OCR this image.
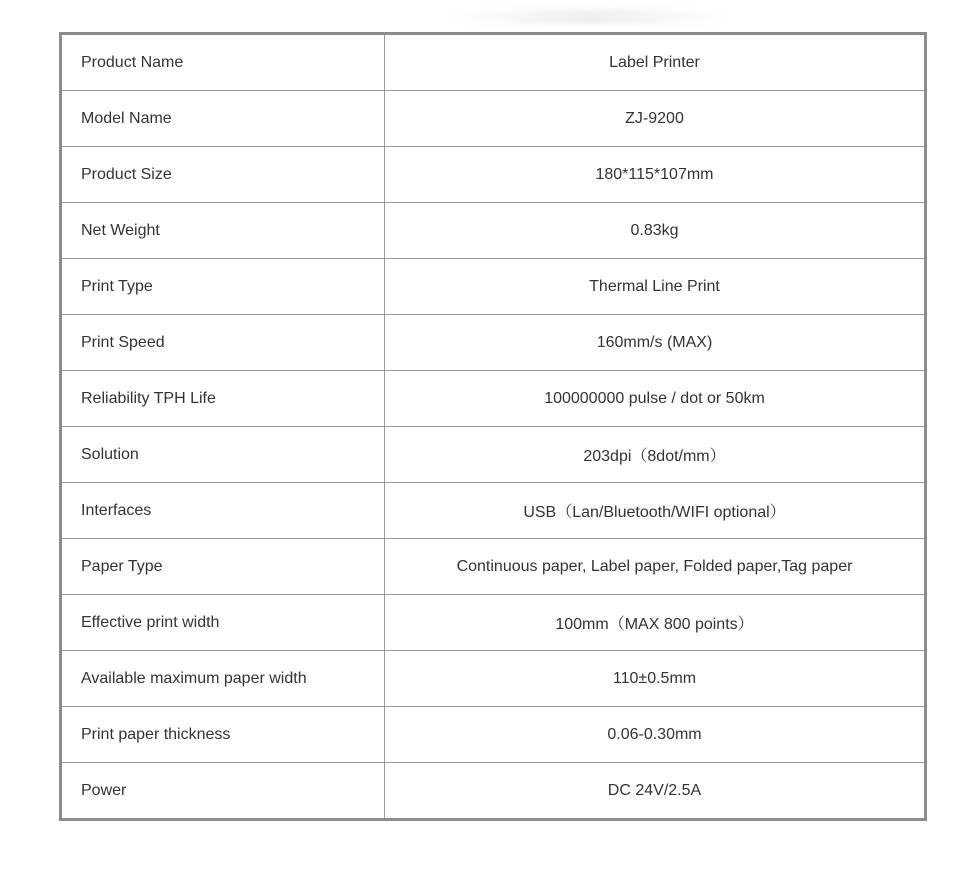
Product Name	Label Printer
Model Name	ZJ-9200
Product Size	180*115*107mm
Net Weight	0.83kg
Print Type	Thermal Line Print
Print Speed	160mm/s (MAX)
Reliability TPH Life	100000000 pulse / dot or 50km
Solution	203dpi（8dot/mm）
Interfaces	USB（Lan/Bluetooth/WIFI optional）
Paper Type	Continuous paper, Label paper, Folded paper,Tag paper
Effective print width	100mm（MAX 800 points）
Available maximum paper width	110±0.5mm
Print paper thickness	0.06-0.30mm
Power	DC 24V/2.5A
